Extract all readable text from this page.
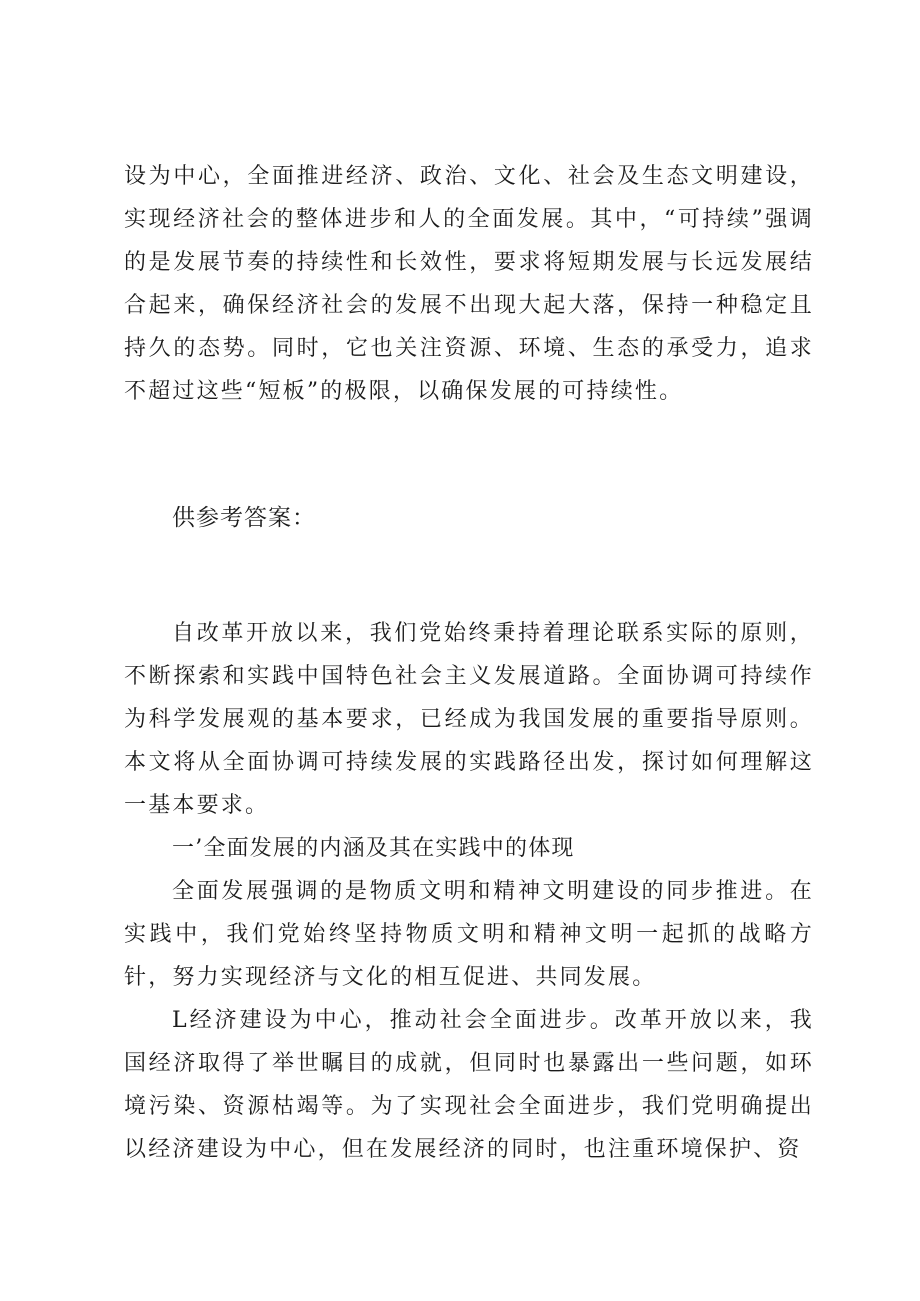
设为中心，全面推进经济、政治、文化、社会及生态文明建设，实现经济社会的整体进步和人的全面发展。其中，“可持续”强调的是发展节奏的持续性和长效性，要求将短期发展与长远发展结合起来，确保经济社会的发展不出现大起大落，保持一种稳定且持久的态势。同时，它也关注资源、环境、生态的承受力，追求不超过这些“短板”的极限，以确保发展的可持续性。

供参考答案：

自改革开放以来，我们党始终秉持着理论联系实际的原则，不断探索和实践中国特色社会主义发展道路。全面协调可持续作为科学发展观的基本要求，已经成为我国发展的重要指导原则。本文将从全面协调可持续发展的实践路径出发，探讨如何理解这一基本要求。

一’全面发展的内涵及其在实践中的体现

全面发展强调的是物质文明和精神文明建设的同步推进。在实践中，我们党始终坚持物质文明和精神文明一起抓的战略方针，努力实现经济与文化的相互促进、共同发展。

L经济建设为中心，推动社会全面进步。改革开放以来，我国经济取得了举世瞩目的成就，但同时也暴露出一些问题，如环境污染、资源枯竭等。为了实现社会全面进步，我们党明确提出以经济建设为中心，但在发展经济的同时，也注重环境保护、资
